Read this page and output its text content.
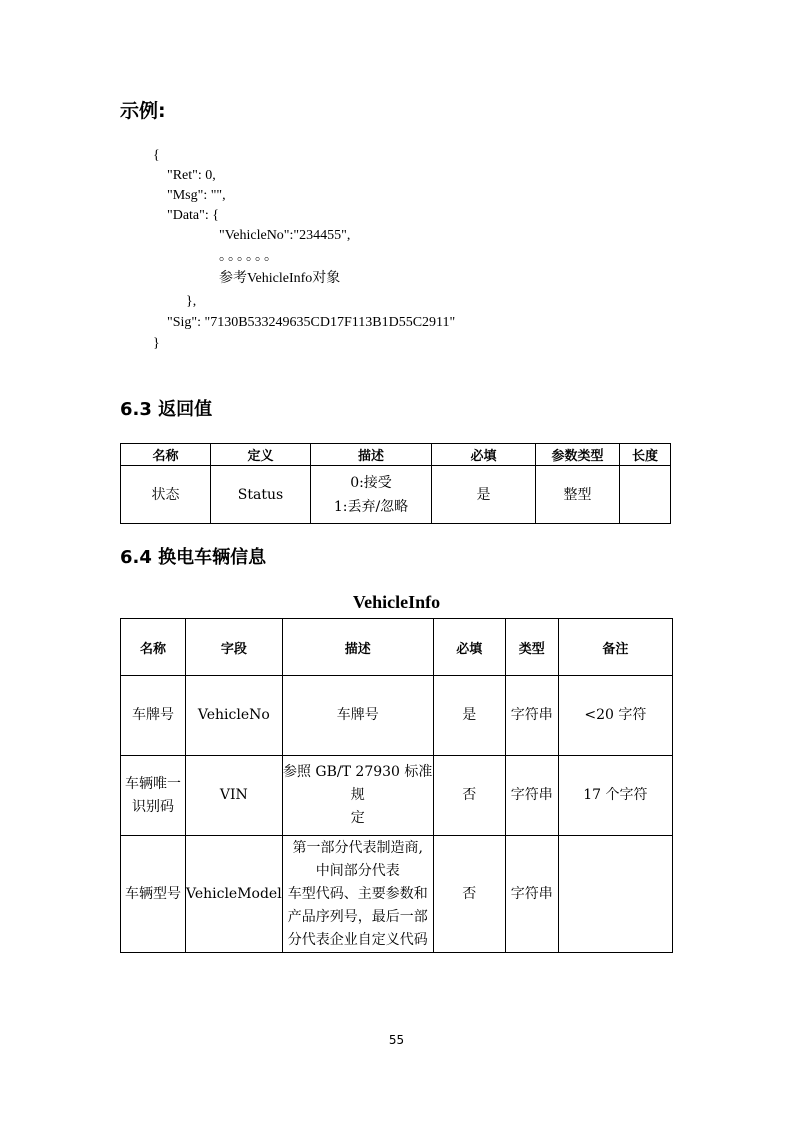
示例:
{
"Ret": 0,
"Msg": "",
"Data": {
"VehicleNo":"234455",
。。。。。。
参考VehicleInfo对象
},
"Sig": "7130B533249635CD17F113B1D55C2911"
}
6.3 返回值
名称	定义	描述	必填	参数类型	长度
状态	Status	0:接受
1:丢弃/忽略	是	整型	
6.4 换电车辆信息
VehicleInfo
名称	字段	描述	必填	类型	备注
车牌号	VehicleNo	车牌号	是	字符串	<20 字符

车辆唯一
识别码	VIN	参照 GB/T 27930 标准规
定	否	字符串	17 个字符
车辆型号	VehicleModel	第一部分代表制造商,
中间部分代表
车型代码、主要参数和
产品序列号，最后一部
分代表企业自定义代码	否	字符串	
55
